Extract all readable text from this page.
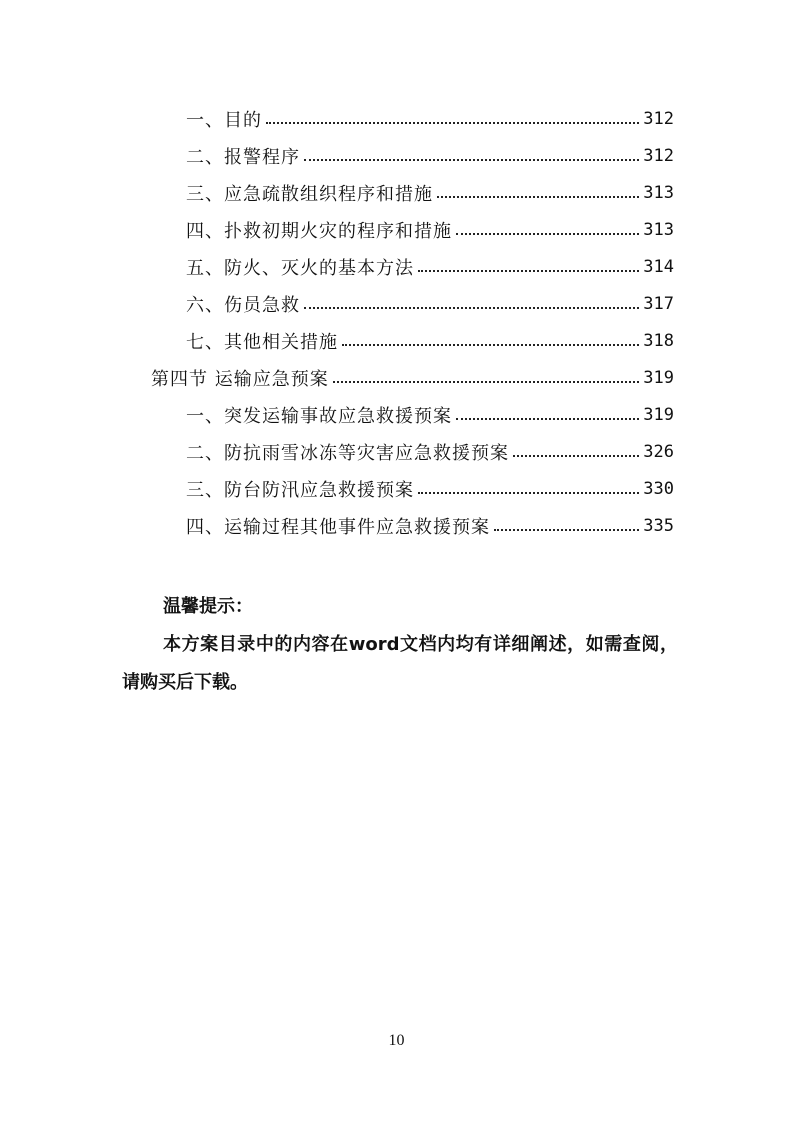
一、目的	312
二、报警程序	312
三、应急疏散组织程序和措施	313
四、扑救初期火灾的程序和措施	313
五、防火、灭火的基本方法	314
六、伤员急救	317
七、其他相关措施	318
第四节 运输应急预案	319
一、突发运输事故应急救援预案	319
二、防抗雨雪冰冻等灾害应急救援预案	326
三、防台防汛应急救援预案	330
四、运输过程其他事件应急救援预案	335
温馨提示：
本方案目录中的内容在word文档内均有详细阐述，如需查阅，请购买后下载。
10
